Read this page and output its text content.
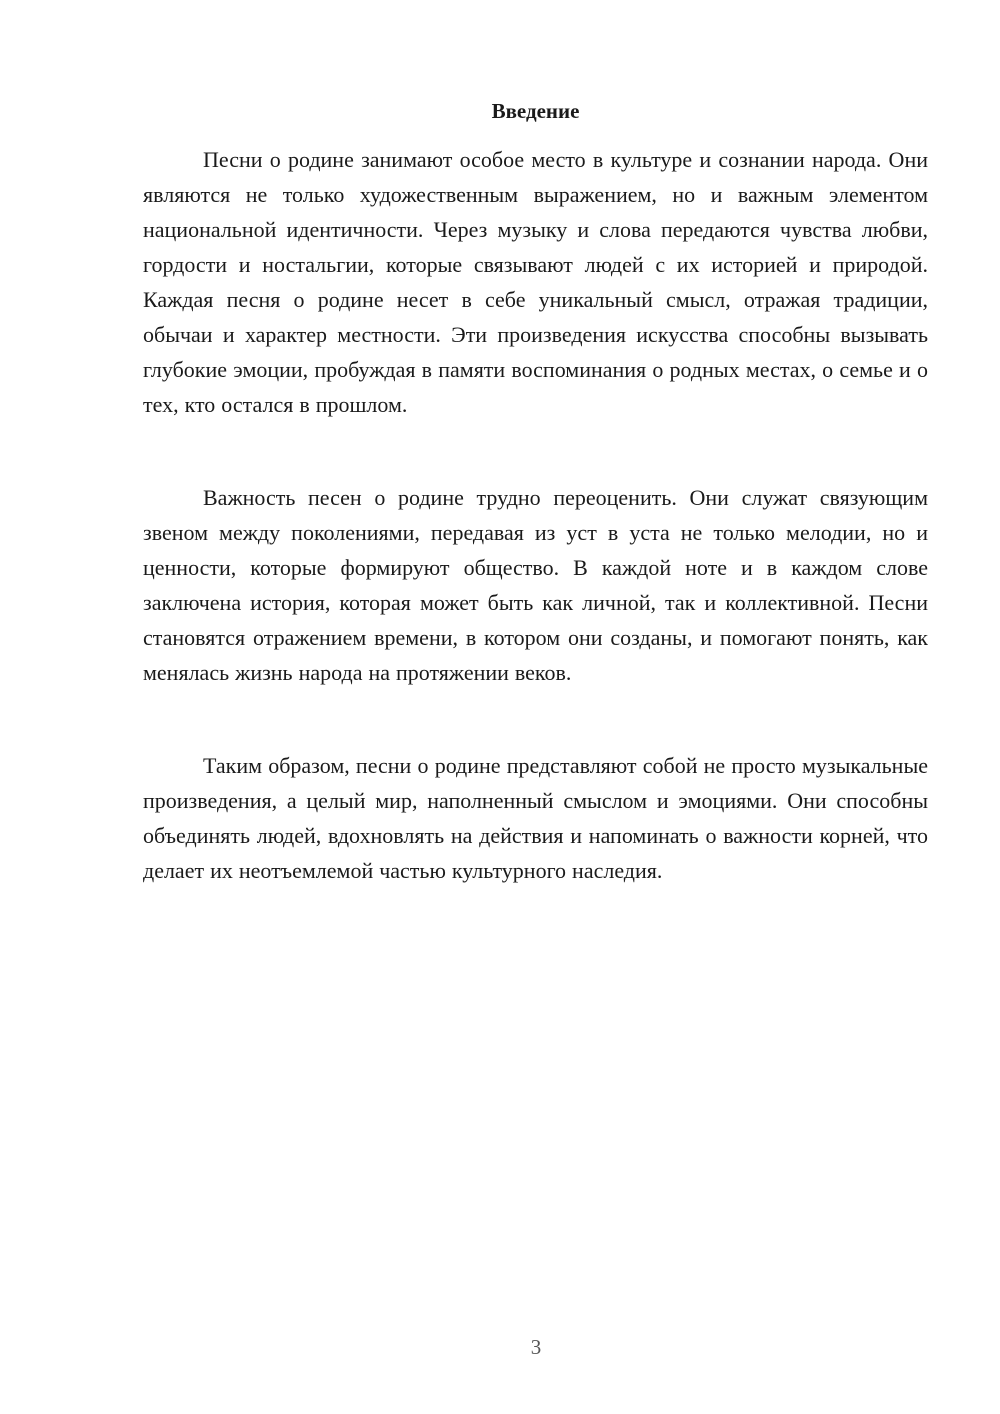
Введение

Песни о родине занимают особое место в культуре и сознании народа. Они являются не только художественным выражением, но и важным элементом национальной идентичности. Через музыку и слова передаются чувства любви, гордости и ностальгии, которые связывают людей с их историей и природой. Каждая песня о родине несет в себе уникальный смысл, отражая традиции, обычаи и характер местности. Эти произведения искусства способны вызывать глубокие эмоции, пробуждая в памяти воспоминания о родных местах, о семье и о тех, кто остался в прошлом.

Важность песен о родине трудно переоценить. Они служат связующим звеном между поколениями, передавая из уст в уста не только мелодии, но и ценности, которые формируют общество. В каждой ноте и в каждом слове заключена история, которая может быть как личной, так и коллективной. Песни становятся отражением времени, в котором они созданы, и помогают понять, как менялась жизнь народа на протяжении веков.

Таким образом, песни о родине представляют собой не просто музыкальные произведения, а целый мир, наполненный смыслом и эмоциями. Они способны объединять людей, вдохновлять на действия и напоминать о важности корней, что делает их неотъемлемой частью культурного наследия.

3
